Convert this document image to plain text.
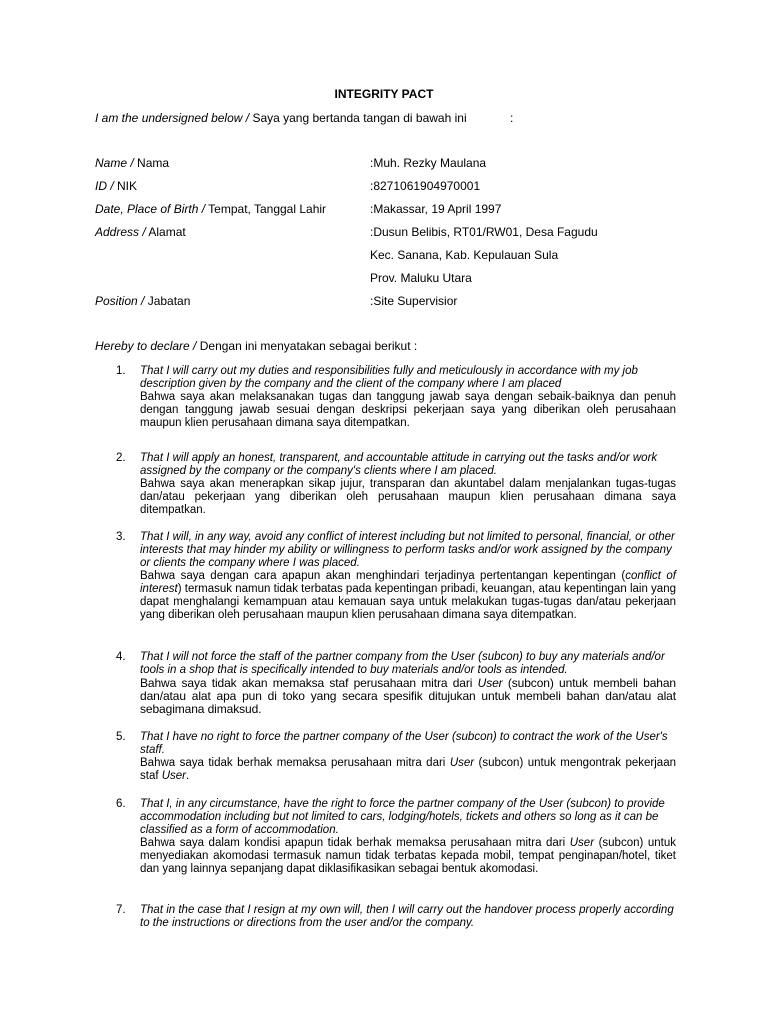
INTEGRITY PACT
I am the undersigned below / Saya yang bertanda tangan di bawah ini	:
Name / Nama	:Muh. Rezky Maulana
ID / NIK	:8271061904970001
Date, Place of Birth / Tempat, Tanggal Lahir	:Makassar, 19 April 1997
Address / Alamat	:Dusun Belibis, RT01/RW01, Desa Fagudu
Kec. Sanana, Kab. Kepulauan Sula
Prov. Maluku Utara
Position / Jabatan	:Site Supervisior
Hereby to declare / Dengan ini menyatakan sebagai berikut :
1.	That I will carry out my duties and responsibilities fully and meticulously in accordance with my job description given by the company and the client of the company where I am placed
Bahwa saya akan melaksanakan tugas dan tanggung jawab saya dengan sebaik-baiknya dan penuh dengan tanggung jawab sesuai dengan deskripsi pekerjaan saya yang diberikan oleh perusahaan maupun klien perusahaan dimana saya ditempatkan.
2.	That I will apply an honest, transparent, and accountable attitude in carrying out the tasks and/or work assigned by the company or the company's clients where I am placed.
Bahwa saya akan menerapkan sikap jujur, transparan dan akuntabel dalam menjalankan tugas-tugas dan/atau pekerjaan yang diberikan oleh perusahaan maupun klien perusahaan dimana saya ditempatkan.
3.	That I will, in any way, avoid any conflict of interest including but not limited to personal, financial, or other interests that may hinder my ability or willingness to perform tasks and/or work assigned by the company or clients the company where I was placed.
Bahwa saya dengan cara apapun akan menghindari terjadinya pertentangan kepentingan (conflict of interest) termasuk namun tidak terbatas pada kepentingan pribadi, keuangan, atau kepentingan lain yang dapat menghalangi kemampuan atau kemauan saya untuk melakukan tugas-tugas dan/atau pekerjaan yang diberikan oleh perusahaan maupun klien perusahaan dimana saya ditempatkan.
4.	That I will not force the staff of the partner company from the User (subcon) to buy any materials and/or tools in a shop that is specifically intended to buy materials and/or tools as intended.
Bahwa saya tidak akan memaksa staf perusahaan mitra dari User (subcon) untuk membeli bahan dan/atau alat apa pun di toko yang secara spesifik ditujukan untuk membeli bahan dan/atau alat sebagimana dimaksud.
5.	That I have no right to force the partner company of the User (subcon) to contract the work of the User's staff.
Bahwa saya tidak berhak memaksa perusahaan mitra dari User (subcon) untuk mengontrak pekerjaan staf User.
6.	That I, in any circumstance, have the right to force the partner company of the User (subcon) to provide accommodation including but not limited to cars, lodging/hotels, tickets and others so long as it can be classified as a form of accommodation.
Bahwa saya dalam kondisi apapun tidak berhak memaksa perusahaan mitra dari User (subcon) untuk menyediakan akomodasi termasuk namun tidak terbatas kepada mobil, tempat penginapan/hotel, tiket dan yang lainnya sepanjang dapat diklasifikasikan sebagai bentuk akomodasi.
7.	That in the case that I resign at my own will, then I will carry out the handover process properly according to the instructions or directions from the user and/or the company.
